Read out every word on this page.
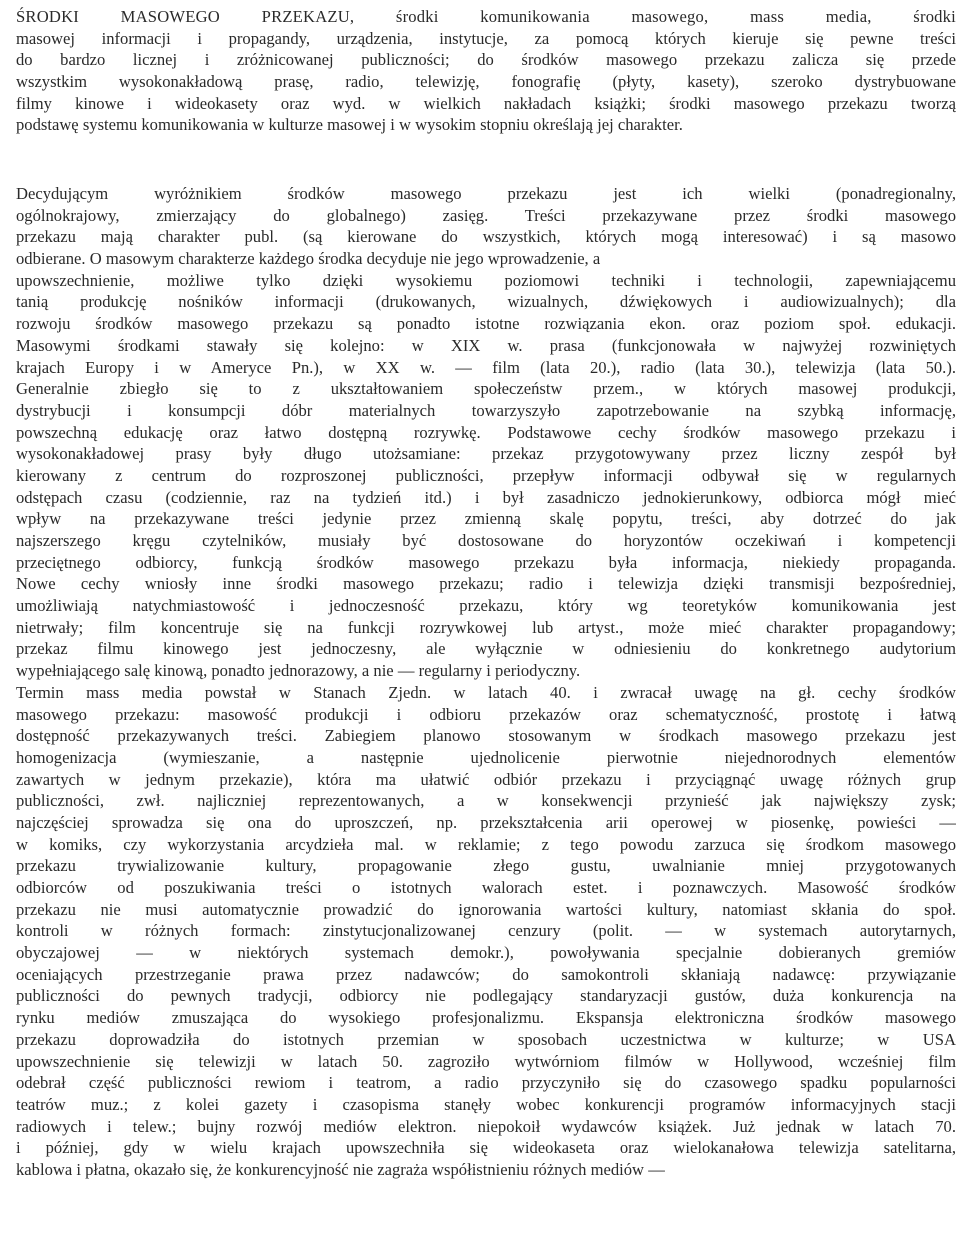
ŚRODKI MASOWEGO PRZEKAZU, środki komunikowania masowego, mass media, środki
masowej informacji i propagandy, urządzenia, instytucje, za pomocą których kieruje się pewne treści
do bardzo licznej i zróżnicowanej publiczności; do środków masowego przekazu zalicza się przede
wszystkim wysokonakładową prasę, radio, telewizję, fonografię (płyty, kasety), szeroko dystrybuowane
filmy kinowe i wideokasety oraz wyd. w wielkich nakładach książki; środki masowego przekazu tworzą
podstawę systemu komunikowania w kulturze masowej i w wysokim stopniu określają jej charakter.
Decydującym wyróżnikiem środków masowego przekazu jest ich wielki (ponadregionalny,
ogólnokrajowy, zmierzający do globalnego) zasięg. Treści przekazywane przez środki masowego
przekazu mają charakter publ. (są kierowane do wszystkich, których mogą interesować) i są masowo
odbierane. O masowym charakterze każdego środka decyduje nie jego wprowadzenie, a
upowszechnienie, możliwe tylko dzięki wysokiemu poziomowi techniki i technologii, zapewniającemu
tanią produkcję nośników informacji (drukowanych, wizualnych, dźwiękowych i audiowizualnych); dla
rozwoju środków masowego przekazu są ponadto istotne rozwiązania ekon. oraz poziom społ. edukacji.
Masowymi środkami stawały się kolejno: w XIX w. prasa (funkcjonowała w najwyżej rozwiniętych
krajach Europy i w Ameryce Pn.), w XX w. — film (lata 20.), radio (lata 30.), telewizja (lata 50.).
Generalnie zbiegło się to z ukształtowaniem społeczeństw przem., w których masowej produkcji,
dystrybucji i konsumpcji dóbr materialnych towarzyszyło zapotrzebowanie na szybką informację,
powszechną edukację oraz łatwo dostępną rozrywkę. Podstawowe cechy środków masowego przekazu i
wysokonakładowej prasy były długo utożsamiane: przekaz przygotowywany przez liczny zespół był
kierowany z centrum do rozproszonej publiczności, przepływ informacji odbywał się w regularnych
odstępach czasu (codziennie, raz na tydzień itd.) i był zasadniczo jednokierunkowy, odbiorca mógł mieć
wpływ na przekazywane treści jedynie przez zmienną skalę popytu, treści, aby dotrzeć do jak
najszerszego kręgu czytelników, musiały być dostosowane do horyzontów oczekiwań i kompetencji
przeciętnego odbiorcy, funkcją środków masowego przekazu była informacja, niekiedy propaganda.
Nowe cechy wniosły inne środki masowego przekazu; radio i telewizja dzięki transmisji bezpośredniej,
umożliwiają natychmiastowość i jednoczesność przekazu, który wg teoretyków komunikowania jest
nietrwały; film koncentruje się na funkcji rozrywkowej lub artyst., może mieć charakter propagandowy;
przekaz filmu kinowego jest jednoczesny, ale wyłącznie w odniesieniu do konkretnego audytorium
wypełniającego salę kinową, ponadto jednorazowy, a nie — regularny i periodyczny.
Termin mass media powstał w Stanach Zjedn. w latach 40. i zwracał uwagę na gł. cechy środków
masowego przekazu: masowość produkcji i odbioru przekazów oraz schematyczność, prostotę i łatwą
dostępność przekazywanych treści. Zabiegiem planowo stosowanym w środkach masowego przekazu jest
homogenizacja (wymieszanie, a następnie ujednolicenie pierwotnie niejednorodnych elementów
zawartych w jednym przekazie), która ma ułatwić odbiór przekazu i przyciągnąć uwagę różnych grup
publiczności, zwł. najliczniej reprezentowanych, a w konsekwencji przynieść jak największy zysk;
najczęściej sprowadza się ona do uproszczeń, np. przekształcenia arii operowej w piosenkę, powieści —
w komiks, czy wykorzystania arcydzieła mal. w reklamie; z tego powodu zarzuca się środkom masowego
przekazu trywializowanie kultury, propagowanie złego gustu, uwalnianie mniej przygotowanych
odbiorców od poszukiwania treści o istotnych walorach estet. i poznawczych. Masowość środków
przekazu nie musi automatycznie prowadzić do ignorowania wartości kultury, natomiast skłania do społ.
kontroli w różnych formach: zinstytucjonalizowanej cenzury (polit. — w systemach autorytarnych,
obyczajowej — w niektórych systemach demokr.), powoływania specjalnie dobieranych gremiów
oceniających przestrzeganie prawa przez nadawców; do samokontroli skłaniają nadawcę: przywiązanie
publiczności do pewnych tradycji, odbiorcy nie podlegający standaryzacji gustów, duża konkurencja na
rynku mediów zmuszająca do wysokiego profesjonalizmu. Ekspansja elektroniczna środków masowego
przekazu doprowadziła do istotnych przemian w sposobach uczestnictwa w kulturze; w USA
upowszechnienie się telewizji w latach 50. zagroziło wytwórniom filmów w Hollywood, wcześniej film
odebrał część publiczności rewiom i teatrom, a radio przyczyniło się do czasowego spadku popularności
teatrów muz.; z kolei gazety i czasopisma stanęły wobec konkurencji programów informacyjnych stacji
radiowych i telew.; bujny rozwój mediów elektron. niepokoił wydawców książek. Już jednak w latach 70.
i później, gdy w wielu krajach upowszechniła się wideokaseta oraz wielokanałowa telewizja satelitarna,
kablowa i płatna, okazało się, że konkurencyjność nie zagraża współistnieniu różnych mediów —
